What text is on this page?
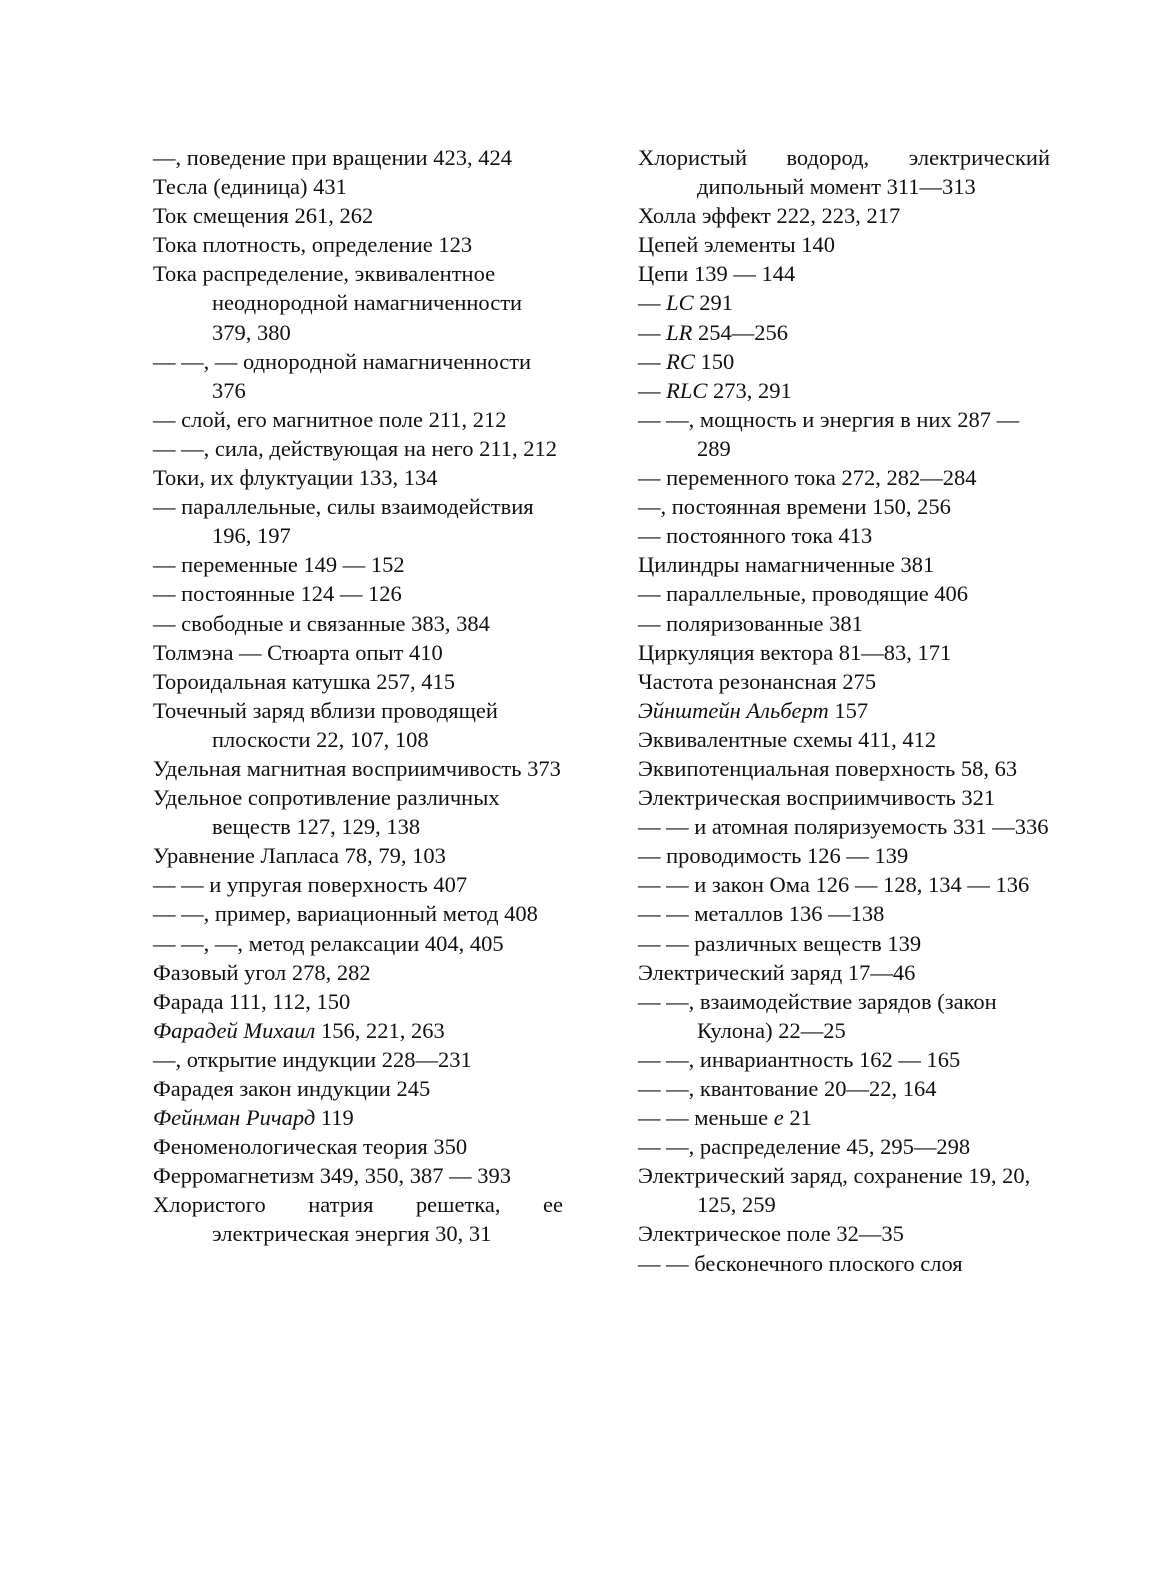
—, поведение при вращении 423, 424

Тесла (единица) 431

Ток смещения 261, 262

Тока плотность, определение 123

Тока распределение, эквивалентное неоднородной намагниченности 379, 380

— —, — однородной намагниченности 376

— слой, его магнитное поле 211, 212

— —, сила, действующая на него 211, 212

Токи, их флуктуации 133, 134

— параллельные, силы взаимодействия 196, 197

— переменные 149 — 152

— постоянные 124 — 126

— свободные и связанные 383, 384

Толмэна — Стюарта опыт 410

Тороидальная катушка 257, 415

Точечный заряд вблизи проводящей плоскости 22, 107, 108

Удельная магнитная восприимчивость 373

Удельное сопротивление различных веществ 127, 129, 138

Уравнение Лапласа 78, 79, 103

— — и упругая поверхность 407

— —, пример, вариационный метод 408

— —, —, метод релаксации 404, 405

Фазовый угол 278, 282

Фарада 111, 112, 150

Фарадей Михаил 156, 221, 263

—, открытие индукции 228—231

Фарадея закон индукции 245

Фейнман Ричард 119

Феноменологическая теория 350

Ферромагнетизм 349, 350, 387 — 393

Хлористого натрия решетка, ее электрическая энергия 30, 31

Хлористый водород, электрический дипольный момент 311—313

Холла эффект 222, 223, 217

Цепей элементы 140

Цепи 139 — 144

— LC 291

— LR 254—256

— RC 150

— RLC 273, 291

— —, мощность и энергия в них 287 — 289

— переменного тока 272, 282—284

—, постоянная времени 150, 256

— постоянного тока 413

Цилиндры намагниченные 381

— параллельные, проводящие 406

— поляризованные 381

Циркуляция вектора 81—83, 171

Частота резонансная 275

Эйнштейн Альберт 157

Эквивалентные схемы 411, 412

Эквипотенциальная поверхность 58, 63

Электрическая восприимчивость 321

— — и атомная поляризуемость 331 —336

— проводимость 126 — 139

— — и закон Ома 126 — 128, 134 — 136

— — металлов 136 —138

— — различных веществ 139

Электрический заряд 17—46

— —, взаимодействие зарядов (закон Кулона) 22—25

— —, инвариантность 162 — 165

— —, квантование 20—22, 164

— — меньше e 21

— —, распределение 45, 295—298

Электрический заряд, сохранение 19, 20, 125, 259

Электрическое поле 32—35

— — бесконечного плоского слоя
